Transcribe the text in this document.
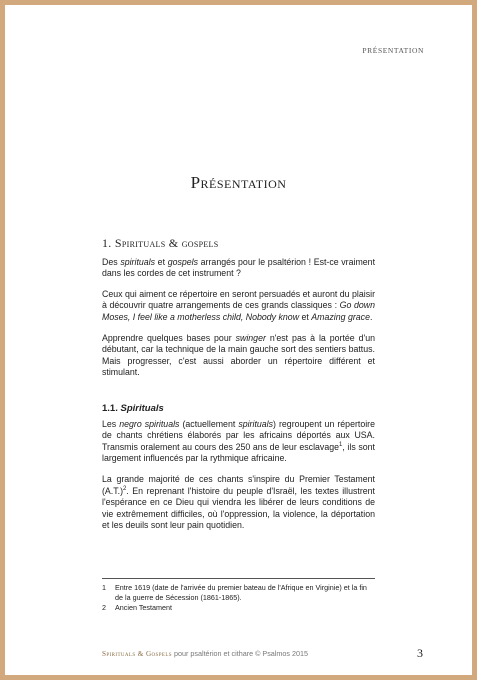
PRÉSENTATION
Présentation
1. Spirituals & gospels

Des spirituals et gospels arrangés pour le psaltérion ! Est-ce vraiment dans les cordes de cet instrument ?

Ceux qui aiment ce répertoire en seront persuadés et auront du plaisir à découvrir quatre arrangements de ces grands classiques : Go down Moses, I feel like a motherless child, Nobody know et Amazing grace.

Apprendre quelques bases pour swinger n'est pas à la portée d'un débutant, car la technique de la main gauche sort des sentiers battus. Mais progresser, c'est aussi aborder un répertoire différent et stimulant.

1.1. Spirituals

Les negro spirituals (actuellement spirituals) regroupent un répertoire de chants chrétiens élaborés par les africains déportés aux USA. Transmis oralement au cours des 250 ans de leur esclavage$^1$, ils sont largement influencés par la rythmique africaine.

La grande majorité de ces chants s'inspire du Premier Testament $(A.T.)^2$. En reprenant l'histoire du peuple d'Israël, les textes illustrent l'espérance en ce Dieu qui viendra les libérer de leurs conditions de vie extrêmement difficiles, où l'oppression, la violence, la déportation et les deuils sont leur pain quotidien.

1	Entre 1619 (date de l'arrivée du premier bateau de l'Afrique en Virginie) et la fin de la guerre de Sécession (1861-1865).
2	Ancien Testament
Spirituals & Gospels pour psaltérion et cithare © Psalmos 2015	3
